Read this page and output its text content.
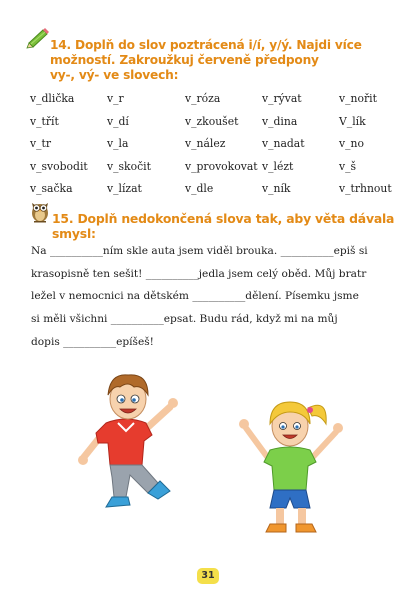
14. Doplň do slov poztrácená i/í, y/ý. Najdi více
možností. Zakroužkuj červeně předpony
vy-, vý- ve slovech:
v_dlička	v_r	v_róza	v_rývat	v_nořit
v_třít	v_dí	v_zkoušet v_dina	V_lík
v_tr	v_la	v_nález	v_nadat	v_no
v_svobodit v_skočit	v_provokovat v_lézt	v_š
v_sačka	v_lízat	v_dle	v_ník	v_trhnout
15. Doplň nedokončená slova tak, aby věta dávala smysl:
Na __________ním skle auta jsem viděl brouka. __________epiš si
krasopisně ten sešit! __________jedla jsem celý oběd. Můj bratr
ležel v nemocnici na dětském __________dělení. Písemku jsme
si měli všichni __________epsat. Budu rád, když mi na můj
dopis __________epíšeš!
31
